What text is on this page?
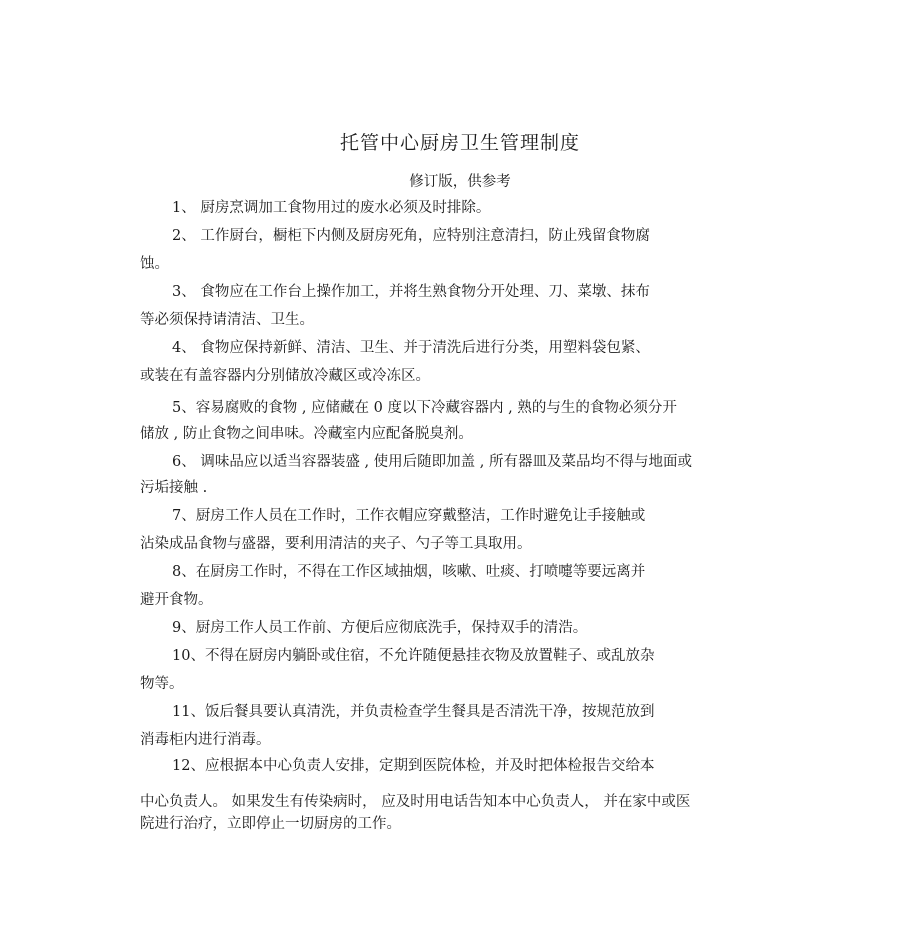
托管中心厨房卫生管理制度
修订版，供参考
1、 厨房烹调加工食物用过的废水必须及时排除。
2、 工作厨台，橱柜下内侧及厨房死角，应特别注意清扫，防止残留食物腐
蚀。
3、 食物应在工作台上操作加工，并将生熟食物分开处理、刀、菜墩、抹布
等必须保持请清洁、卫生。
4、 食物应保持新鲜、清洁、卫生、并于清洗后进行分类，用塑料袋包紧、
或装在有盖容器内分别储放冷藏区或冷冻区。
5、容易腐败的食物 , 应储藏在 0 度以下冷藏容器内 , 熟的与生的食物必须分开
储放 , 防止食物之间串味。冷藏室内应配备脱臭剂。
6、 调味品应以适当容器装盛 , 使用后随即加盖 , 所有器皿及菜品均不得与地面或
污垢接触 .
7、厨房工作人员在工作时，工作衣帽应穿戴整洁，工作时避免让手接触或
沾染成品食物与盛器，要利用清洁的夹子、勺子等工具取用。
8、在厨房工作时，不得在工作区域抽烟，咳嗽、吐痰、打喷嚏等要远离并
避开食物。
9、厨房工作人员工作前、方便后应彻底洗手，保持双手的清浩。
10、不得在厨房内躺卧或住宿，不允许随便悬挂衣物及放置鞋子、或乱放杂
物等。
11、饭后餐具要认真清洗，并负责检查学生餐具是否清洗干净，按规范放到
消毒柜内进行消毒。
12、应根据本中心负责人安排，定期到医院体检，并及时把体检报告交给本
中心负责人。 如果发生有传染病时， 应及时用电话告知本中心负责人， 并在家中或医
院进行治疗，立即停止一切厨房的工作。
